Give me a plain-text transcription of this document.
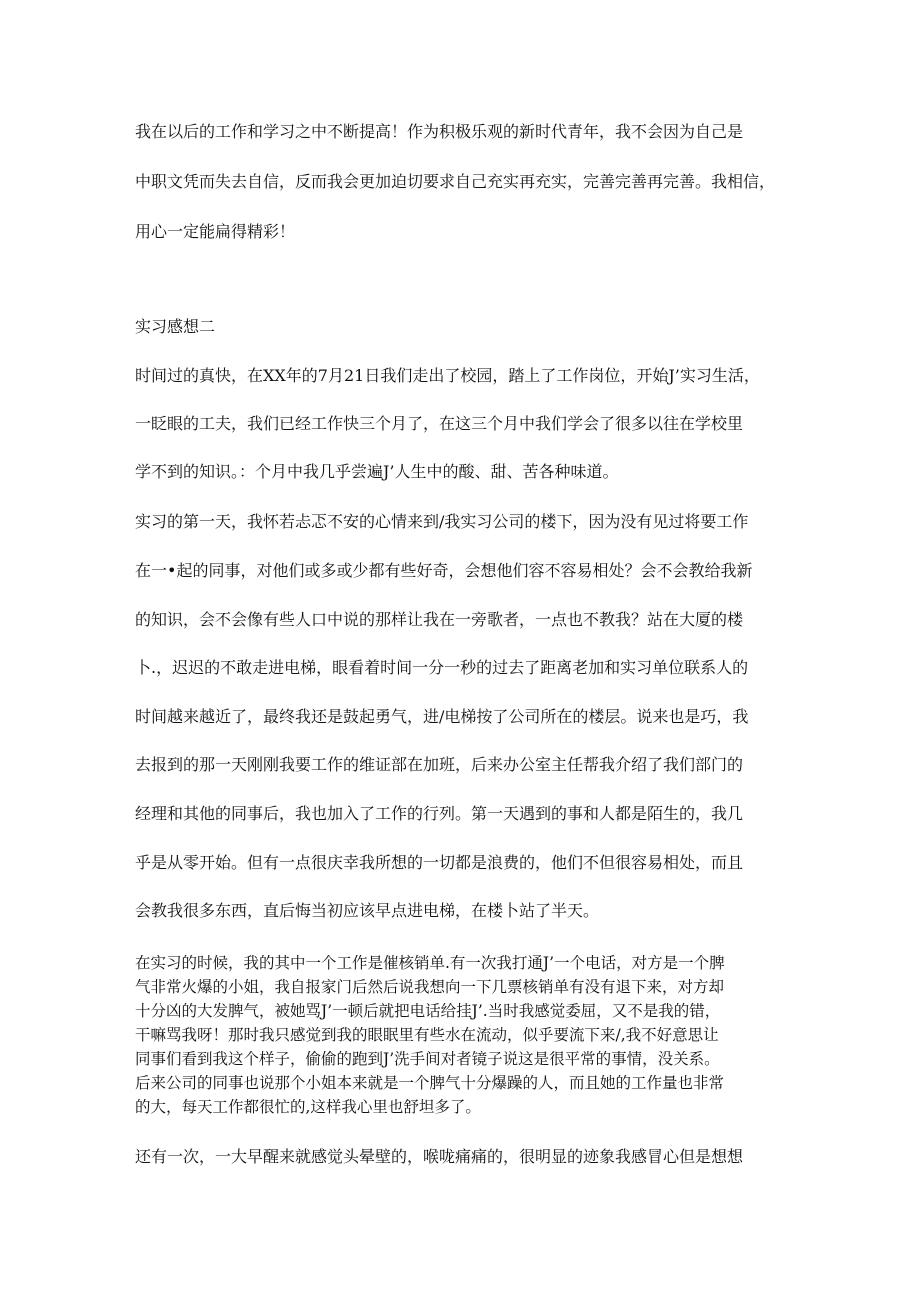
我在以后的工作和学习之中不断提高！作为积极乐观的新时代青年，我不会因为自己是
中职文凭而失去自信，反而我会更加迫切要求自己充实再充实，完善完善再完善。我相信，
用心一定能扁得精彩！
实习感想二
时间过的真快，在XX年的7月21日我们走出了校园，踏上了工作岗位，开始J’实习生活，
一眨眼的工夫，我们已经工作快三个月了，在这三个月中我们学会了很多以往在学校里
学不到的知识。：个月中我几乎尝遍J’人生中的酸、甜、苦各种味道。
实习的第一天，我怀若忐忑不安的心情来到/我实习公司的楼下，因为没有见过将要工作
在一•起的同事，对他们或多或少都有些好奇，会想他们容不容易相处？会不会教给我新
的知识，会不会像有些人口中说的那样让我在一旁歌者，一点也不教我？站在大厦的楼
卜.，迟迟的不敢走进电梯，眼看着时间一分一秒的过去了距离老加和实习单位联系人的
时间越来越近了，最终我还是鼓起勇气，进/电梯按了公司所在的楼层。说来也是巧，我
去报到的那一天刚刚我要工作的维证部在加班，后来办公室主任帮我介绍了我们部门的
经理和其他的同事后，我也加入了工作的行列。第一天遇到的事和人都是陌生的，我几
乎是从零开始。但有一点很庆幸我所想的一切都是浪费的，他们不但很容易相处，而且
会教我很多东西，直后悔当初应该早点进电梯，在楼卜站了半天。
在实习的时候，我的其中一个工作是催核销单.有一次我打通J’一个电话，对方是一个脾
气非常火爆的小姐，我自报家门后然后说我想向一下几票核销单有没有退下来，对方却
十分凶的大发脾气，被她骂J’一顿后就把电话给挂J’.当时我感觉委屈，又不是我的错，
干嘛骂我呀！那时我只感觉到我的眼眠里有些水在流动，似乎要流下来/,我不好意思让
同事们看到我这个样子，偷偷的跑到J’洗手间对者镜子说这是很平常的事情，没关系。
后来公司的同事也说那个小姐本来就是一个脾气十分爆躁的人，而且她的工作量也非常
的大，每天工作都很忙的,这样我心里也舒坦多了。
还有一次，一大早醒来就感觉头晕壁的，喉咙痛痛的，很明显的迹象我感冒心但是想想
